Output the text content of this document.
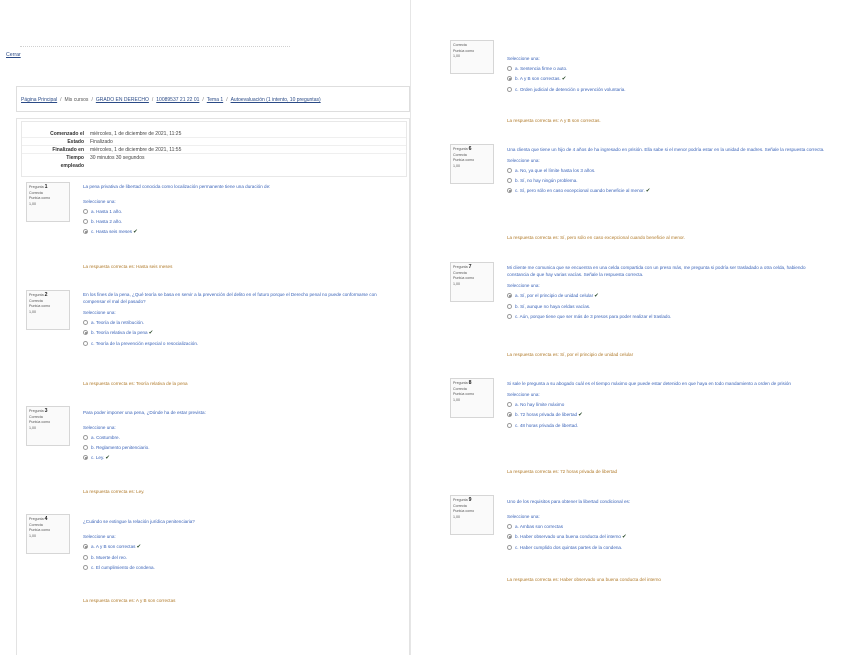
Cerrar
Página Principal / Mis cursos / GRADO EN DERECHO / 10089537 21 22 01 / Tema 1 / Autoevaluación (1 intento, 10 preguntas)
Comenzado el miércoles, 1 de diciembre de 2021, 11:25
Estado Finalizado
Finalizado en miércoles, 1 de diciembre de 2021, 11:55
Tiempo 30 minutos 30 segundos
empleado
Pregunta 1
Correcta
Puntúa como
1,00
La pena privativa de libertad conocida como localización permanente tiene una duración de:
Seleccione una:
a. Hasta 1 año.
b. Hasta 2 año.
c. Hasta seis meses✔
La respuesta correcta es: Hasta seis meses
Pregunta 2
Correcta
Puntúa como
1,00
En los fines de la pena, ¿Qué teoría se basa en servir a la prevención del delito en el futuro porque el Derecho penal no puede conformarse con compensar el mal del pasado?
Seleccione una:
a. Teoría de la retribución.
b. Teoría relativa de la pena✔
c. Teoría de la prevención especial o resocialización.
La respuesta correcta es: Teoría relativa de la pena
Pregunta 3
Correcta
Puntúa como
1,00
Para poder imponer una pena, ¿Dónde ha de estar prevista:
Seleccione una:
a. Costumbre.
b. Reglamento penitenciario.
c. Ley.✔
La respuesta correcta es: Ley.
Pregunta 4
Correcta
Puntúa como
1,00
¿Cuándo se extingue la relación jurídica penitenciaria?
Seleccione una:
a. A y B son correctas✔
b. Muerte del reo.
c. El cumplimiento de condena.
La respuesta correcta es: A y B son correctas
Correcta
Puntúa como
1,00	Seleccione una:
a. Sentencia firme o auto.
b. A y B son correctas.✔
c. Orden judicial de detención o prevención voluntaria.
La respuesta correcta es: A y B son correctas.
Pregunta 6
Correcta
Puntúa como
1,00
Una clienta que tiene un hijo de 4 años de ha ingresado en prisión. Ella sabe si el menor podría estar en la unidad de madres. Señale la respuesta correcta.
Seleccione una:
a. No, ya que el límite hasta los 3 años.
b. Sí, no hay ningún problema.
c. Sí, pero sólo en caso excepcional cuando beneficie al menor.✔
La respuesta correcta es: Sí, pero sólo en caso excepcional cuando beneficie al menor.
Pregunta 7
Correcta
Puntúa como
1,00
Mi cliente me comunica que se encuentra en una celda compartida con un preso más, me pregunta si podría ser trasladado a otra celda, habiendo constancia de que hay varias vacías. Señale la respuesta correcta.
Seleccione una:
a. Sí, por el principio de unidad celular✔
b. Sí, aunque no haya celdas vacías.
c. Aún, porque tiene que ser más de 3 presos para poder realizar el traslado.
La respuesta correcta es: Sí, por el principio de unidad celular
Pregunta 8
Correcta
Puntúa como
1,00
Si sale le pregunta a su abogado cuál es el tiempo máximo que puede estar detenido en que haya en todo mandamiento a orden de prisión
Seleccione una:
a. No hay límite máximo
b. 72 horas privada de libertad✔
c. 48 horas privada de libertad.
La respuesta correcta es: 72 horas privada de libertad
Pregunta 9
Correcta
Puntúa como
1,00
Uno de los requisitos para obtener la libertad condicional es:
Seleccione una:
a. Ambas son correctas
b. Haber observado una buena conducta del interno✔
c. Haber cumplido dos quintas partes de la condena.
La respuesta correcta es: Haber observado una buena conducta del interno
